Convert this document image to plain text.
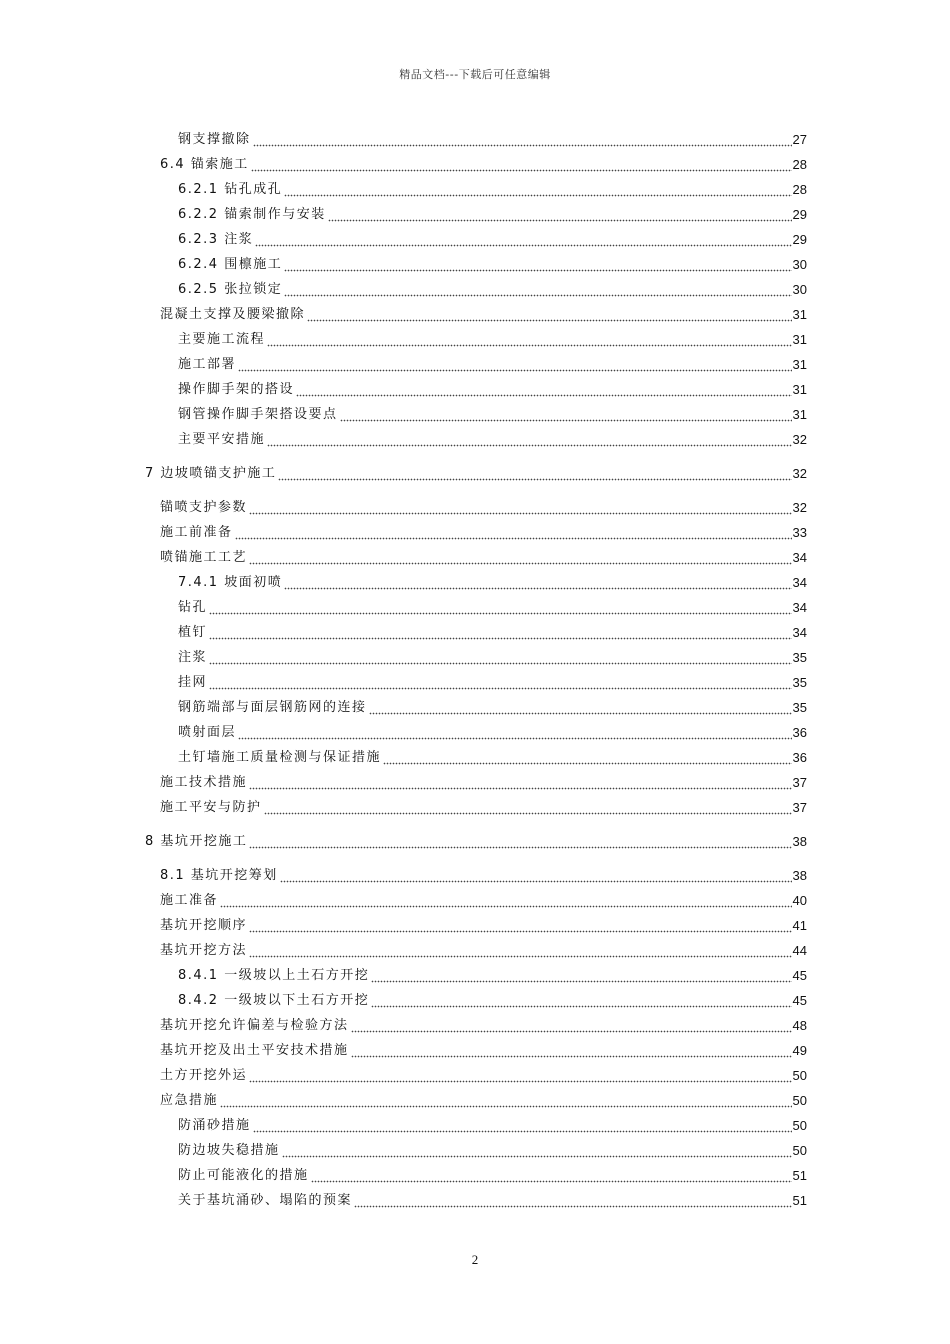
精品文档---下载后可任意编辑
钢支撑撤除	27
6.4 锚索施工	28
6.2.1 钻孔成孔	28
6.2.2 锚索制作与安装	29
6.2.3 注浆	29
6.2.4 围檩施工	30
6.2.5 张拉锁定	30
混凝土支撑及腰梁撤除	31
主要施工流程	31
施工部署	31
操作脚手架的搭设	31
钢管操作脚手架搭设要点	31
主要平安措施	32
7 边坡喷锚支护施工	32
锚喷支护参数	32
施工前准备	33
喷锚施工工艺	34
7.4.1 坡面初喷	34
钻孔	34
植钉	34
注浆	35
挂网	35
钢筋端部与面层钢筋网的连接	35
喷射面层	36
土钉墙施工质量检测与保证措施	36
施工技术措施	37
施工平安与防护	37
8 基坑开挖施工	38
8.1 基坑开挖筹划	38
施工准备	40
基坑开挖顺序	41
基坑开挖方法	44
8.4.1 一级坡以上土石方开挖	45
8.4.2 一级坡以下土石方开挖	45
基坑开挖允许偏差与检验方法	48
基坑开挖及出土平安技术措施	49
土方开挖外运	50
应急措施	50
防涌砂措施	50
防边坡失稳措施	50
防止可能液化的措施	51
关于基坑涌砂、塌陷的预案	51
2
